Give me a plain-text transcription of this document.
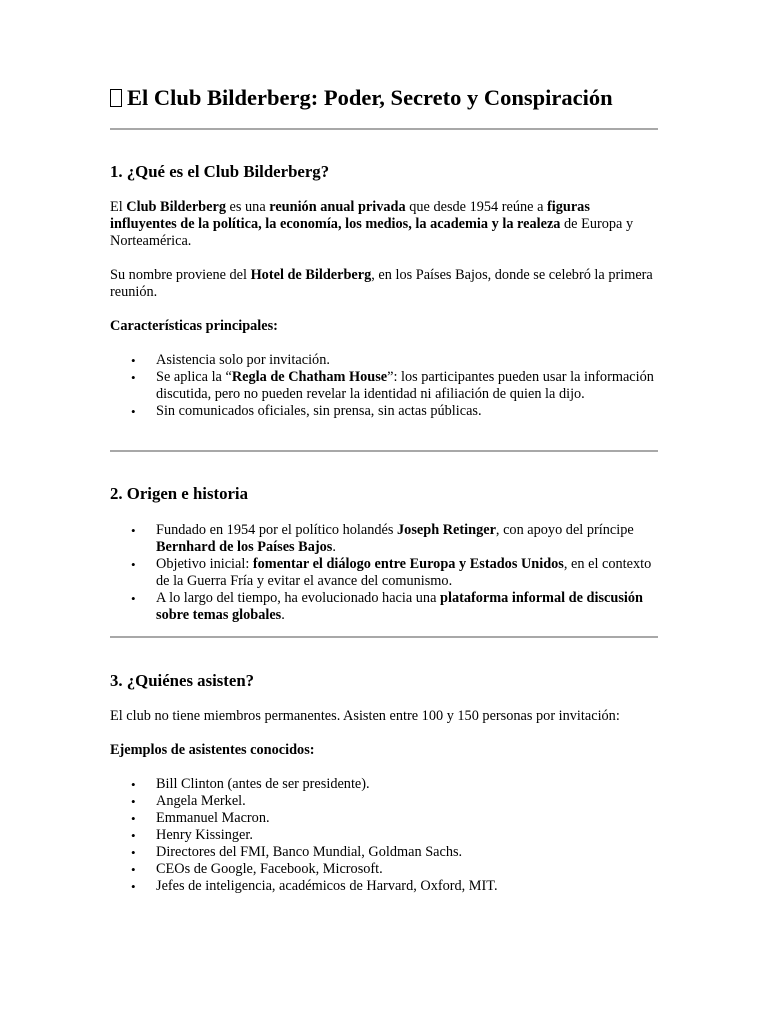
El Club Bilderberg: Poder, Secreto y Conspiración
1. ¿Qué es el Club Bilderberg?

El Club Bilderberg es una reunión anual privada que desde 1954 reúne a figuras influyentes de la política, la economía, los medios, la academia y la realeza de Europa y Norteamérica.

Su nombre proviene del Hotel de Bilderberg, en los Países Bajos, donde se celebró la primera reunión.

Características principales:

• Asistencia solo por invitación.
• Se aplica la “Regla de Chatham House”: los participantes pueden usar la información discutida, pero no pueden revelar la identidad ni afiliación de quien la dijo.
• Sin comunicados oficiales, sin prensa, sin actas públicas.
2. Origen e historia
• Fundado en 1954 por el político holandés Joseph Retinger, con apoyo del príncipe Bernhard de los Países Bajos.
• Objetivo inicial: fomentar el diálogo entre Europa y Estados Unidos, en el contexto de la Guerra Fría y evitar el avance del comunismo.
• A lo largo del tiempo, ha evolucionado hacia una plataforma informal de discusión sobre temas globales.
3. ¿Quiénes asisten?

El club no tiene miembros permanentes. Asisten entre 100 y 150 personas por invitación:

Ejemplos de asistentes conocidos:

• Bill Clinton (antes de ser presidente).
• Angela Merkel.
• Emmanuel Macron.
• Henry Kissinger.
• Directores del FMI, Banco Mundial, Goldman Sachs.
• CEOs de Google, Facebook, Microsoft.
• Jefes de inteligencia, académicos de Harvard, Oxford, MIT.
